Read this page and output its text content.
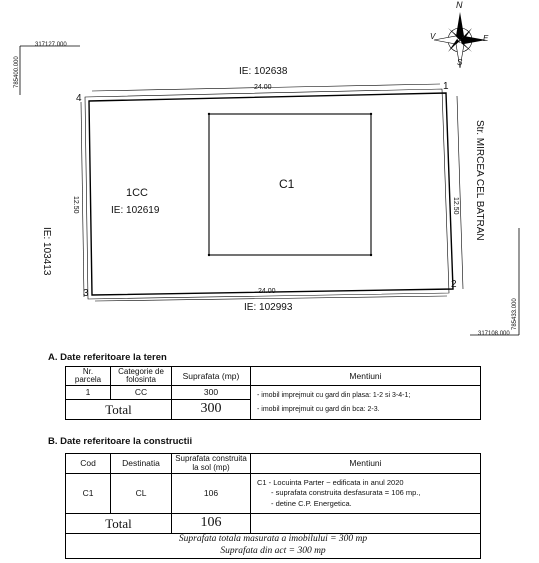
N
S
E
V
317127.000
785400.000
317108.000
785433.000
IE: 102638
24.00
24.00
IE: 102993
IE: 103413
12.50	12.50 Str. MIRCEA CEL BATRAN
1
2
3
4
1CC
IE: 102619
C1
A. Date referitoare la teren
Nr. parcela	Categorie de folosinta	Suprafata (mp)	Mentiuni
1	CC	300	- imobil imprejmuit cu gard din plasa: 1-2 si 3-4-1;
- imobil imprejmuit cu gard din bca: 2-3.

Total		300	
B. Date referitoare la constructii
Cod	Destinatia	Suprafata construita la sol (mp)	Mentiuni
C1	CL	106	C1 - Locuinta Parter ~ edificata in anul 2020
- suprafata construita desfasurata = 106 mp.,
- detine C.P. Energetica.

Total		106	

Suprafata totala masurata a imobilului = 300 mp
Suprafata din act = 300 mp			
